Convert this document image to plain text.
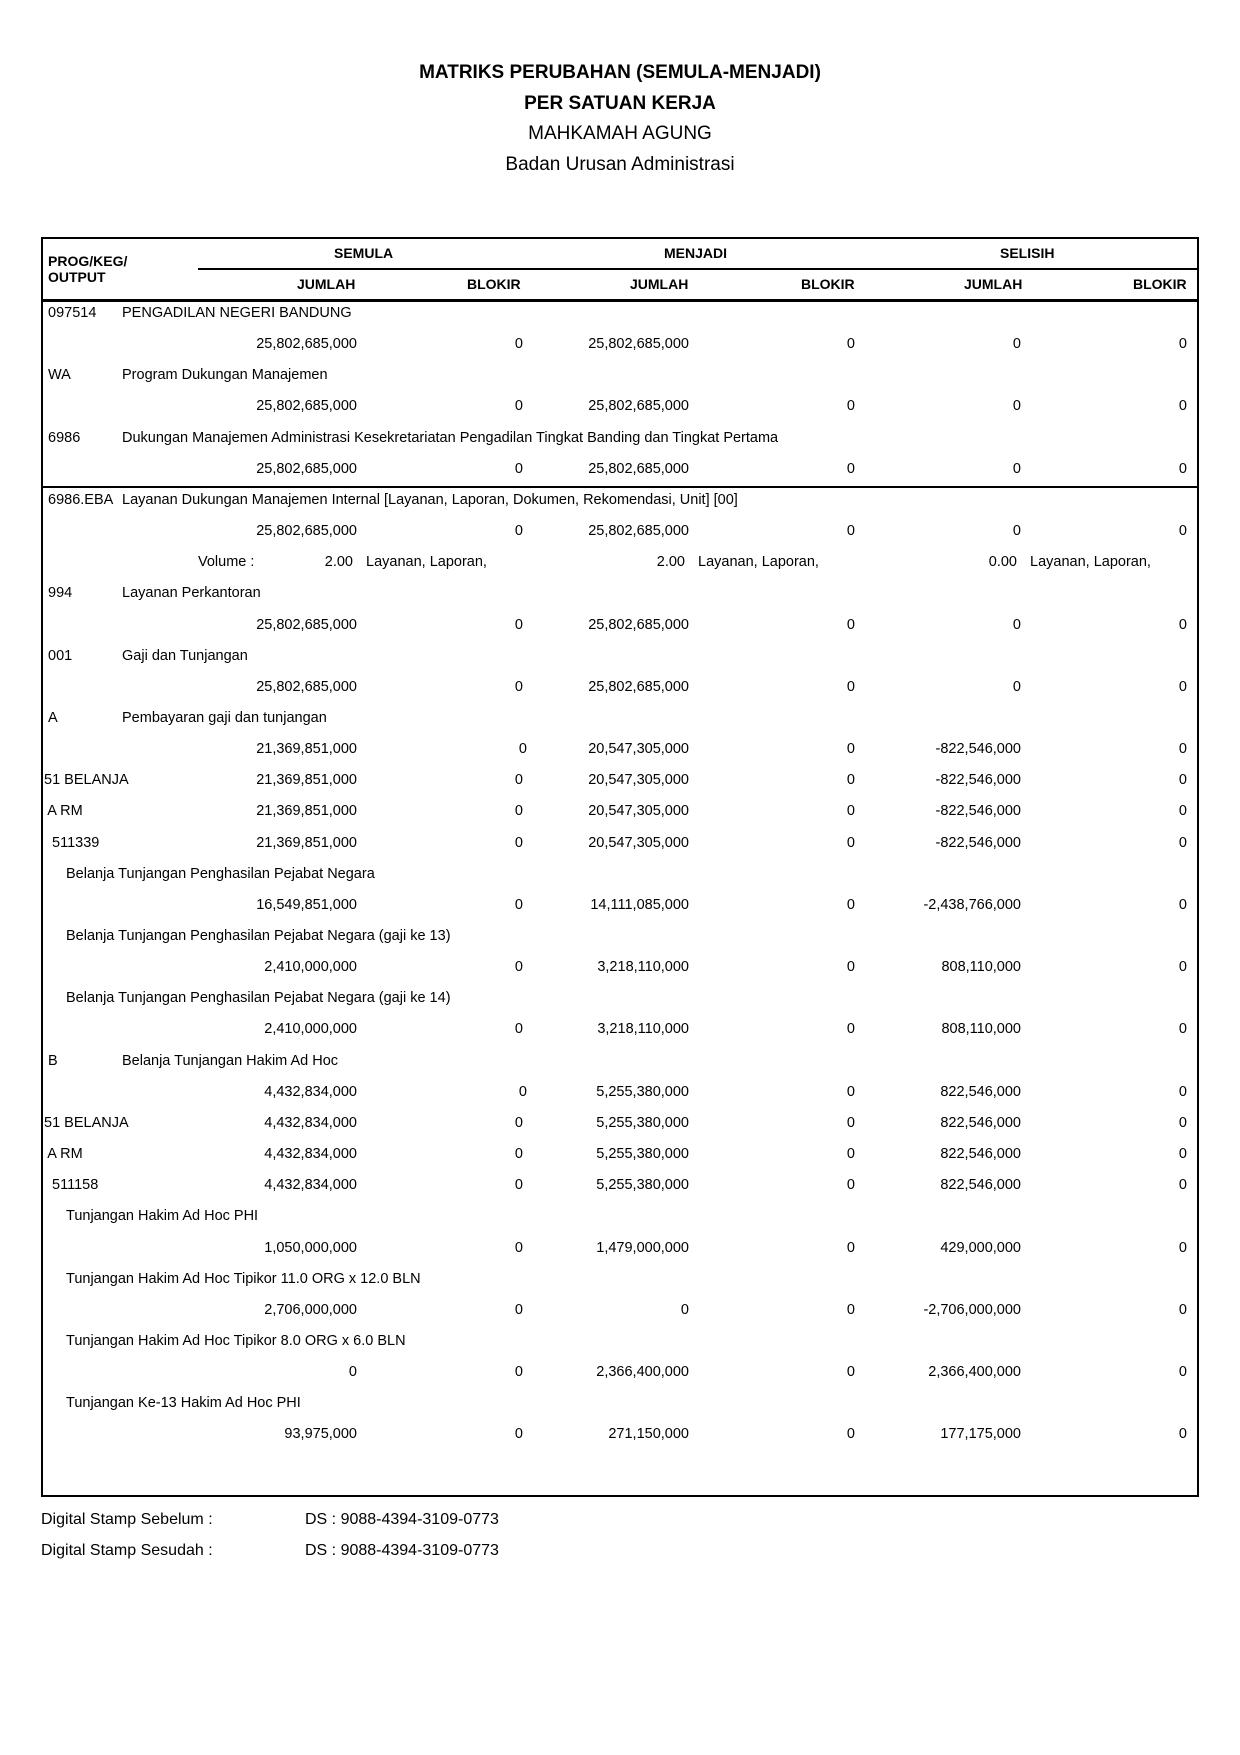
MATRIKS PERUBAHAN (SEMULA-MENJADI)
PER SATUAN KERJA
MAHKAMAH AGUNG
Badan Urusan Administrasi
PROG/KEG/
OUTPUT
SEMULA	MENJADI	SELISIH
JUMLAH	BLOKIR	JUMLAH	BLOKIR	JUMLAH	BLOKIR
097514 PENGADILAN NEGERI BANDUNG
25,802,685,000	0	25,802,685,000	0	0	0
WA	Program Dukungan Manajemen
25,802,685,000	0	25,802,685,000	0	0	0
6986	Dukungan Manajemen Administrasi Kesekretariatan Pengadilan Tingkat Banding dan Tingkat Pertama
25,802,685,000	0	25,802,685,000	0	0	0
6986.EBA Layanan Dukungan Manajemen Internal [Layanan, Laporan, Dokumen, Rekomendasi, Unit] [00]
25,802,685,000	0	25,802,685,000	0	0	0
Volume :	2.00 Layanan, Laporan,	2.00 Layanan, Laporan,	0.00 Layanan, Laporan,
994	Layanan Perkantoran
25,802,685,000	0	25,802,685,000	0	0	0
001	Gaji dan Tunjangan
25,802,685,000	0	25,802,685,000	0	0	0
A	Pembayaran gaji dan tunjangan
21,369,851,000	0	20,547,305,000	0	-822,546,000	0
51 BELANJA	21,369,851,000	0	20,547,305,000	0	-822,546,000	0
A RM	21,369,851,000	0	20,547,305,000	0	-822,546,000	0
511339	21,369,851,000	0	20,547,305,000	0	-822,546,000	0
Belanja Tunjangan Penghasilan Pejabat Negara
16,549,851,000	0	14,111,085,000	0	-2,438,766,000	0
Belanja Tunjangan Penghasilan Pejabat Negara (gaji ke 13)
2,410,000,000	0	3,218,110,000	0	808,110,000	0
Belanja Tunjangan Penghasilan Pejabat Negara (gaji ke 14)
2,410,000,000	0	3,218,110,000	0	808,110,000	0
B	Belanja Tunjangan Hakim Ad Hoc
4,432,834,000	0	5,255,380,000	0	822,546,000	0
51 BELANJA	4,432,834,000	0	5,255,380,000	0	822,546,000	0
A RM	4,432,834,000	0	5,255,380,000	0	822,546,000	0
511158	4,432,834,000	0	5,255,380,000	0	822,546,000	0
Tunjangan Hakim Ad Hoc PHI
1,050,000,000	0	1,479,000,000	0	429,000,000	0
Tunjangan Hakim Ad Hoc Tipikor 11.0 ORG x 12.0 BLN
2,706,000,000	0	0	0	-2,706,000,000	0
Tunjangan Hakim Ad Hoc Tipikor 8.0 ORG x 6.0 BLN
0	0	2,366,400,000	0	2,366,400,000	0
Tunjangan Ke-13 Hakim Ad Hoc PHI
93,975,000	0	271,150,000	0	177,175,000	0
Digital Stamp Sebelum :	DS : 9088-4394-3109-0773
Digital Stamp Sesudah :	DS : 9088-4394-3109-0773
